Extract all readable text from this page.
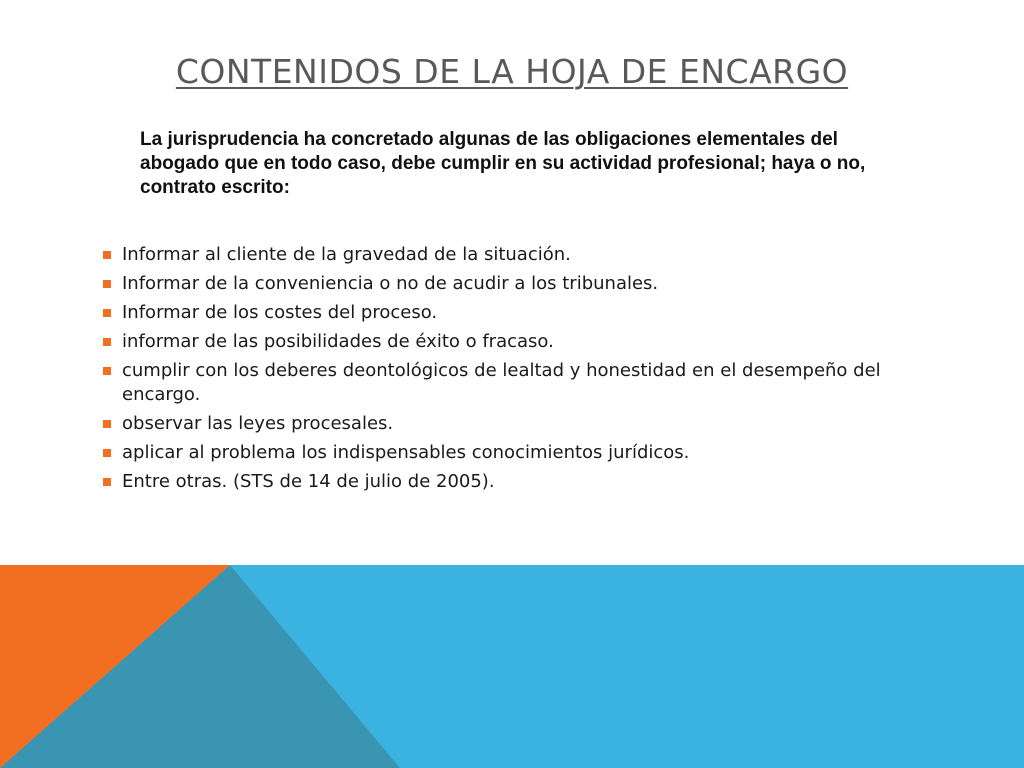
CONTENIDOS DE LA HOJA DE ENCARGO

La jurisprudencia ha concretado algunas de las obligaciones elementales del abogado que en todo caso, debe cumplir en su actividad profesional; haya o no, contrato escrito:

Informar al cliente de la gravedad de la situación.
Informar de la conveniencia o no de acudir a los tribunales.
Informar de los costes del proceso.
informar de las posibilidades de éxito o fracaso.
cumplir con los deberes deontológicos de lealtad y honestidad en el desempeño del encargo.
observar las leyes procesales.
aplicar al problema los indispensables conocimientos jurídicos.
Entre otras. (STS de 14 de julio de 2005).
